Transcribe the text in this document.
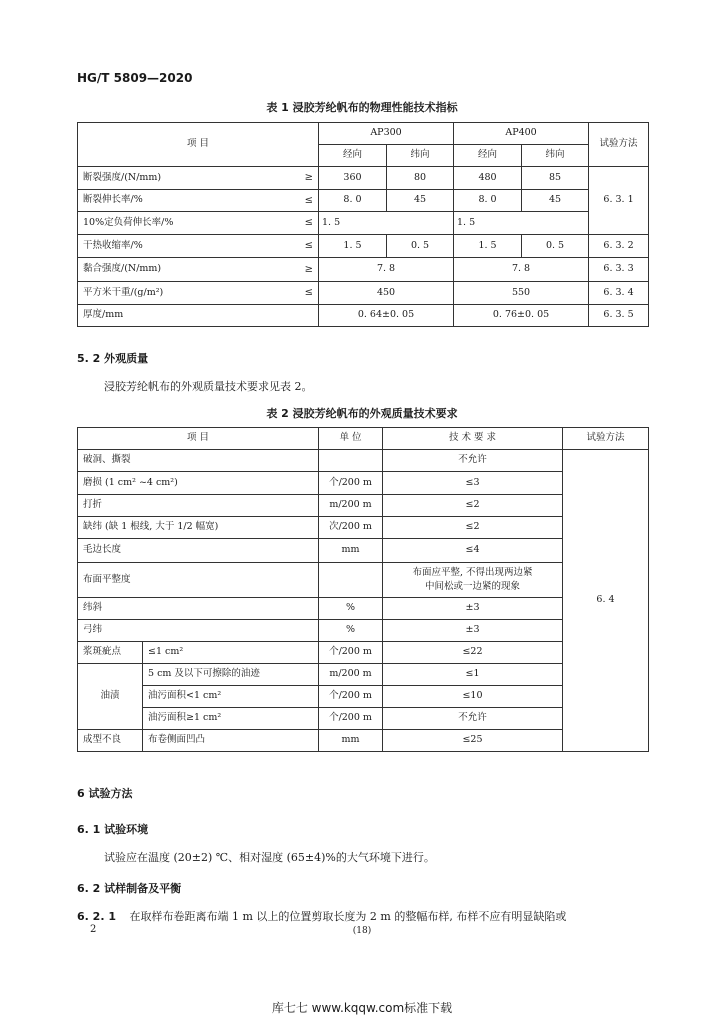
HG/T 5809—2020
表 1 浸胶芳纶帆布的物理性能技术指标
项 目		AP300		AP400		试验方法
		经向	纬向	经向	纬向	
断裂强度/(N/mm)	≥	360	80	480	85	6. 3. 1
断裂伸长率/%	≤	8. 0	45	8. 0	45	
10%定负荷伸长率/%	≤	1. 5		1. 5		
干热收缩率/%	≤	1. 5	0. 5	1. 5	0. 5	6. 3. 2
黏合强度/(N/mm)	≥	7. 8		7. 8		6. 3. 3
平方米干重/(g/m²)	≤	450		550		6. 3. 4
厚度/mm		0. 64±0. 05		0. 76±0. 05		6. 3. 5
5. 2 外观质量
浸胶芳纶帆布的外观质量技术要求见表 2。
表 2 浸胶芳纶帆布的外观质量技术要求
项 目		单 位	技 术 要 求	试验方法
破洞、撕裂			不允许	6. 4
磨损 (1 cm² ~4 cm²)		个/200 m	≤3	
打折		m/200 m	≤2	
缺纬 (缺 1 根线, 大于 1/2 幅宽)		次/200 m	≤2	
毛边长度		mm	≤4	
布面平整度			布面应平整, 不得出现两边紧
中间松或一边紧的现象	

纬斜		%	±3	
弓纬		%	±3	
浆斑疵点	≤1 cm²	个/200 m	≤22	
油渍	5 cm 及以下可擦除的油迹	m/200 m	≤1	
	油污面积<1 cm²	个/200 m	≤10	
	油污面积≥1 cm²	个/200 m	不允许	
成型不良	布卷侧面凹凸	mm	≤25	
6 试验方法
6. 1 试验环境
试验应在温度 (20±2) ℃、相对湿度 (65±4)%的大气环境下进行。
6. 2 试样制备及平衡
6. 2. 1 在取样布卷距离布端 1 m 以上的位置剪取长度为 2 m 的整幅布样, 布样不应有明显缺陷或
2	(18)
库七七 www.kqqw.com标准下载
